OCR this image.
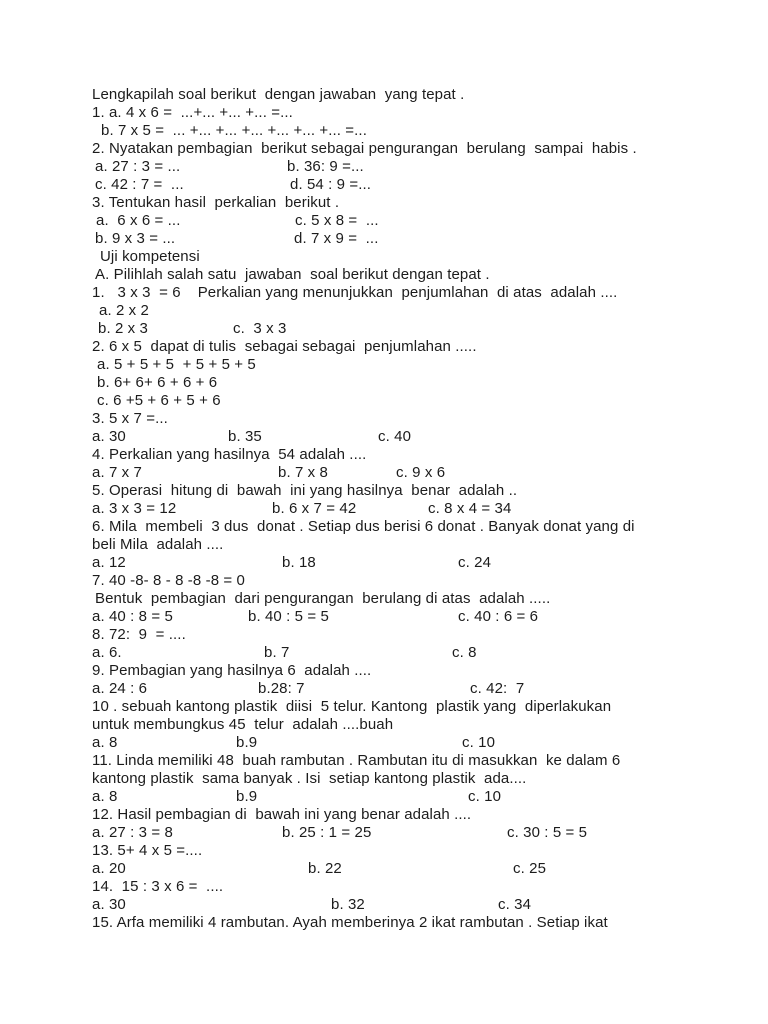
Lengkapilah soal berikut  dengan jawaban  yang tepat .
1. a. 4 x 6 =  ...+... +... +... =...
b. 7 x 5 =  ... +... +... +... +... +... +... =...
2. Nyatakan pembagian  berikut sebagai pengurangan  berulang  sampai  habis .
a. 27 : 3 = ...	b. 36: 9 =...
c. 42 : 7 =  ...	d. 54 : 9 =...
3. Tentukan hasil  perkalian  berikut .
a.  6 x 6 = ...	c. 5 x 8 =  ...
b. 9 x 3 = ...	d. 7 x 9 =  ...
Uji kompetensi
A. Pilihlah salah satu  jawaban  soal berikut dengan tepat .
1.   3 x 3  = 6    Perkalian yang menunjukkan  penjumlahan  di atas  adalah ....
a. 2 x 2
b. 2 x 3	c.  3 x 3
2. 6 x 5  dapat di tulis  sebagai sebagai  penjumlahan .....
a. 5 + 5 + 5  + 5 + 5 + 5
b. 6+ 6+ 6 + 6 + 6
c. 6 +5 + 6 + 5 + 6
3. 5 x 7 =...
a. 30	b. 35	c. 40
4. Perkalian yang hasilnya  54 adalah ....
a. 7 x 7	b. 7 x 8	c. 9 x 6
5. Operasi  hitung di  bawah  ini yang hasilnya  benar  adalah ..
a. 3 x 3 = 12	b. 6 x 7 = 42	c. 8 x 4 = 34
6. Mila  membeli  3 dus  donat . Setiap dus berisi 6 donat . Banyak donat yang di
beli Mila  adalah ....
a. 12	b. 18	c. 24
7. 40 -8- 8 - 8 -8 -8 = 0
Bentuk  pembagian  dari pengurangan  berulang di atas  adalah .....
a. 40 : 8 = 5	b. 40 : 5 = 5	c. 40 : 6 = 6
8. 72:  9  = ....
a. 6.	b. 7	c. 8
9. Pembagian yang hasilnya 6  adalah ....
a. 24 : 6	b.28: 7	c. 42:  7
10 . sebuah kantong plastik  diisi  5 telur. Kantong  plastik yang  diperlakukan
untuk membungkus 45  telur  adalah ....buah
a. 8	b.9	c. 10
11. Linda memiliki 48  buah rambutan . Rambutan itu di masukkan  ke dalam 6
kantong plastik  sama banyak . Isi  setiap kantong plastik  ada....
a. 8	b.9	c. 10
12. Hasil pembagian di  bawah ini yang benar adalah ....
a. 27 : 3 = 8	b. 25 : 1 = 25	c. 30 : 5 = 5
13. 5+ 4 x 5 =....
a. 20	b. 22	c. 25
14.  15 : 3 x 6 =  ....
a. 30	b. 32	c. 34
15. Arfa memiliki 4 rambutan. Ayah memberinya 2 ikat rambutan . Setiap ikat
